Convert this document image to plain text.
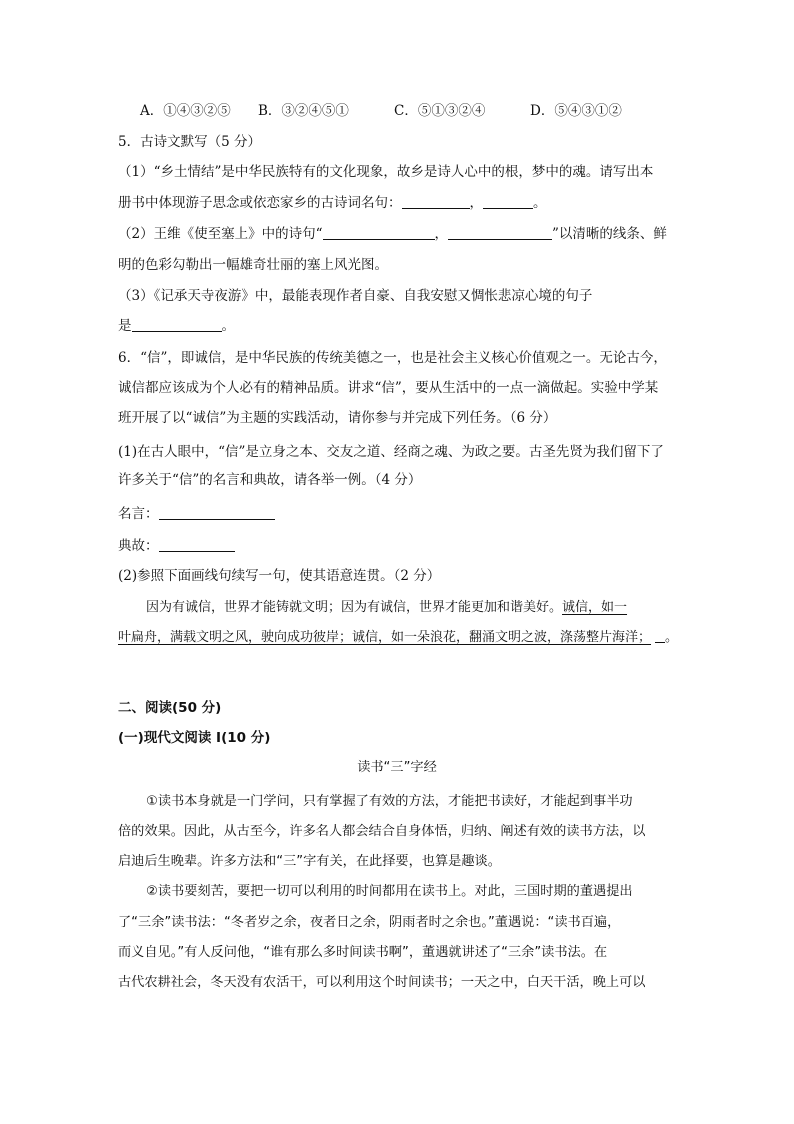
A．①④③②⑤ B．③②④⑤①	C．⑤①③②④	D．⑤④③①②
5．古诗文默写（5 分）
（1）“乡土情结”是中华民族特有的文化现象，故乡是诗人心中的根，梦中的魂。请写出本
册书中体现游子思念或依恋家乡的古诗词名句：	，	。
（2）王维《使至塞上》中的诗句“	，	”以清晰的线条、鲜
明的色彩勾勒出一幅雄奇壮丽的塞上风光图。
（3）《记承天寺夜游》中，最能表现作者自豪、自我安慰又惆怅悲凉心境的句子
是	。
6．“信”，即诚信，是中华民族的传统美德之一，也是社会主义核心价值观之一。无论古今，
诚信都应该成为个人必有的精神品质。讲求“信”，要从生活中的一点一滴做起。实验中学某
班开展了以“诚信”为主题的实践活动，请你参与并完成下列任务。（6 分）
(1)在古人眼中，“信”是立身之本、交友之道、经商之魂、为政之要。古圣先贤为我们留下了
许多关于“信”的名言和典故，请各举一例。（4 分）
名言：
典故：
(2)参照下面画线句续写一句，使其语意连贯。（2 分）
因为有诚信，世界才能铸就文明；因为有诚信，世界才能更加和谐美好。诚信，如一
叶扁舟，满载文明之风，驶向成功彼岸；诚信，如一朵浪花，翻涌文明之波，涤荡整片海洋； 。
二、阅读(50 分)
(一)现代文阅读 I(10 分)
读书“三”字经
①读书本身就是一门学问，只有掌握了有效的方法，才能把书读好，才能起到事半功
倍的效果。因此，从古至今，许多名人都会结合自身体悟，归纳、阐述有效的读书方法，以
启迪后生晚辈。许多方法和“三”字有关，在此择要，也算是趣谈。
②读书要刻苦，要把一切可以利用的时间都用在读书上。对此，三国时期的董遇提出
了“三余”读书法：“冬者岁之余，夜者日之余，阴雨者时之余也。”董遇说：“读书百遍，
而义自见。”有人反问他，“谁有那么多时间读书啊”，董遇就讲述了“三余”读书法。在
古代农耕社会，冬天没有农活干，可以利用这个时间读书；一天之中，白天干活，晚上可以
